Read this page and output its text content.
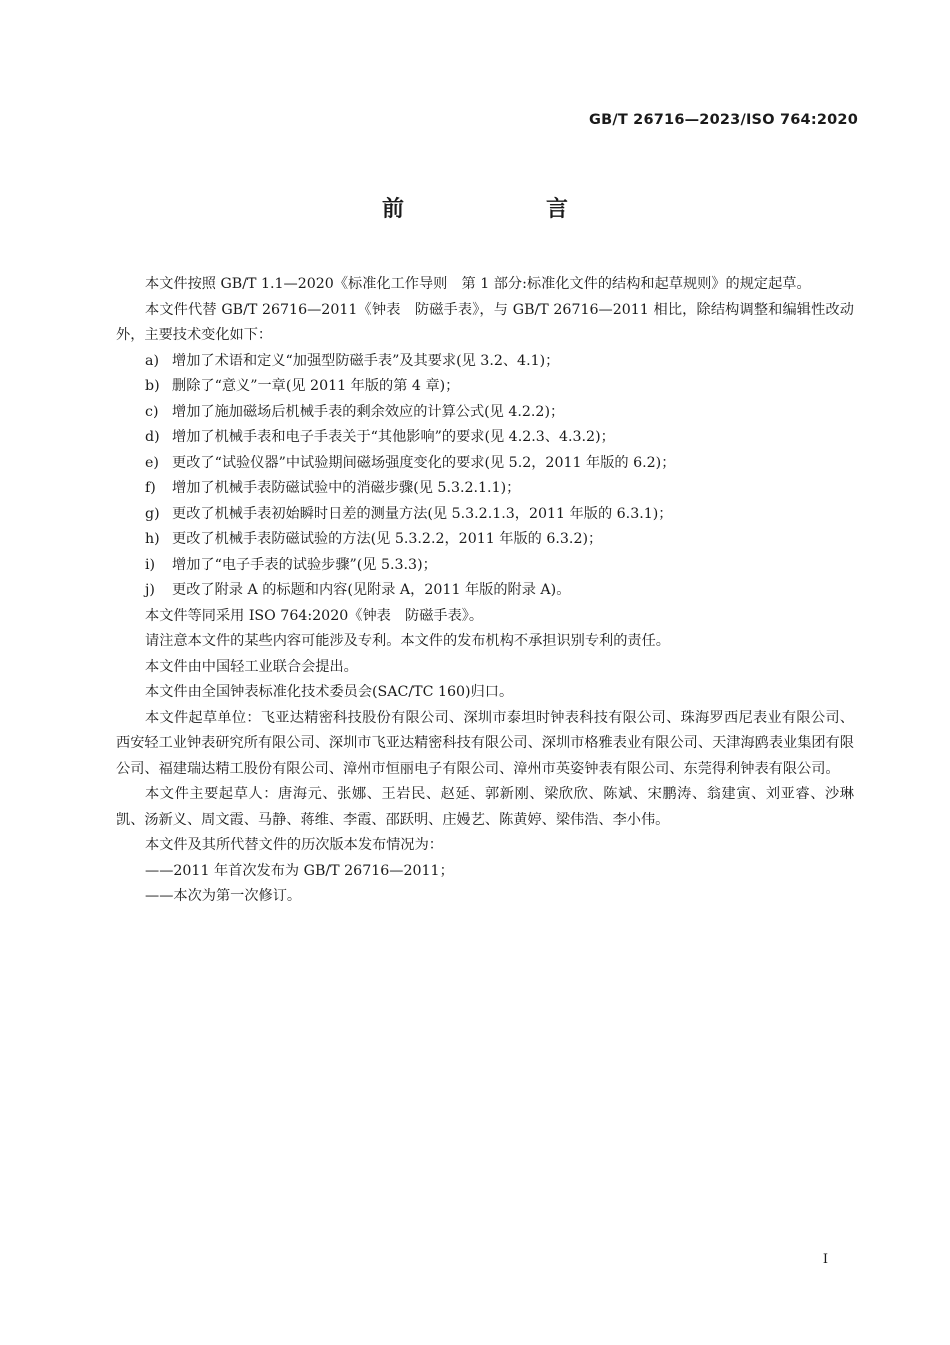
GB/T 26716—2023/ISO 764:2020
前　言

本文件按照 GB/T 1.1—2020《标准化工作导则　第 1 部分:标准化文件的结构和起草规则》的规定起草。

本文件代替 GB/T 26716—2011《钟表　防磁手表》，与 GB/T 26716—2011 相比，除结构调整和编辑性改动外，主要技术变化如下：

a) 增加了术语和定义“加强型防磁手表”及其要求(见 3.2、4.1)；

b) 删除了“意义”一章(见 2011 年版的第 4 章)；

c) 增加了施加磁场后机械手表的剩余效应的计算公式(见 4.2.2)；

d) 增加了机械手表和电子手表关于“其他影响”的要求(见 4.2.3、4.3.2)；

e) 更改了“试验仪器”中试验期间磁场强度变化的要求(见 5.2，2011 年版的 6.2)；

f) 增加了机械手表防磁试验中的消磁步骤(见 5.3.2.1.1)；

g) 更改了机械手表初始瞬时日差的测量方法(见 5.3.2.1.3，2011 年版的 6.3.1)；

h) 更改了机械手表防磁试验的方法(见 5.3.2.2，2011 年版的 6.3.2)；

i) 增加了“电子手表的试验步骤”(见 5.3.3)；

j) 更改了附录 A 的标题和内容(见附录 A，2011 年版的附录 A)。

本文件等同采用 ISO 764:2020《钟表　防磁手表》。

请注意本文件的某些内容可能涉及专利。本文件的发布机构不承担识别专利的责任。

本文件由中国轻工业联合会提出。

本文件由全国钟表标准化技术委员会(SAC/TC 160)归口。

本文件起草单位：飞亚达精密科技股份有限公司、深圳市泰坦时钟表科技有限公司、珠海罗西尼表业有限公司、西安轻工业钟表研究所有限公司、深圳市飞亚达精密科技有限公司、深圳市格雅表业有限公司、天津海鸥表业集团有限公司、福建瑞达精工股份有限公司、漳州市恒丽电子有限公司、漳州市英姿钟表有限公司、东莞得利钟表有限公司。

本文件主要起草人：唐海元、张娜、王岩民、赵延、郭新刚、梁欣欣、陈斌、宋鹏涛、翁建寅、刘亚睿、沙琳凯、汤新义、周文霞、马静、蒋维、李霞、邵跃明、庄嫚艺、陈黄婷、梁伟浩、李小伟。

本文件及其所代替文件的历次版本发布情况为：

——2011 年首次发布为 GB/T 26716—2011；

——本次为第一次修订。

I
